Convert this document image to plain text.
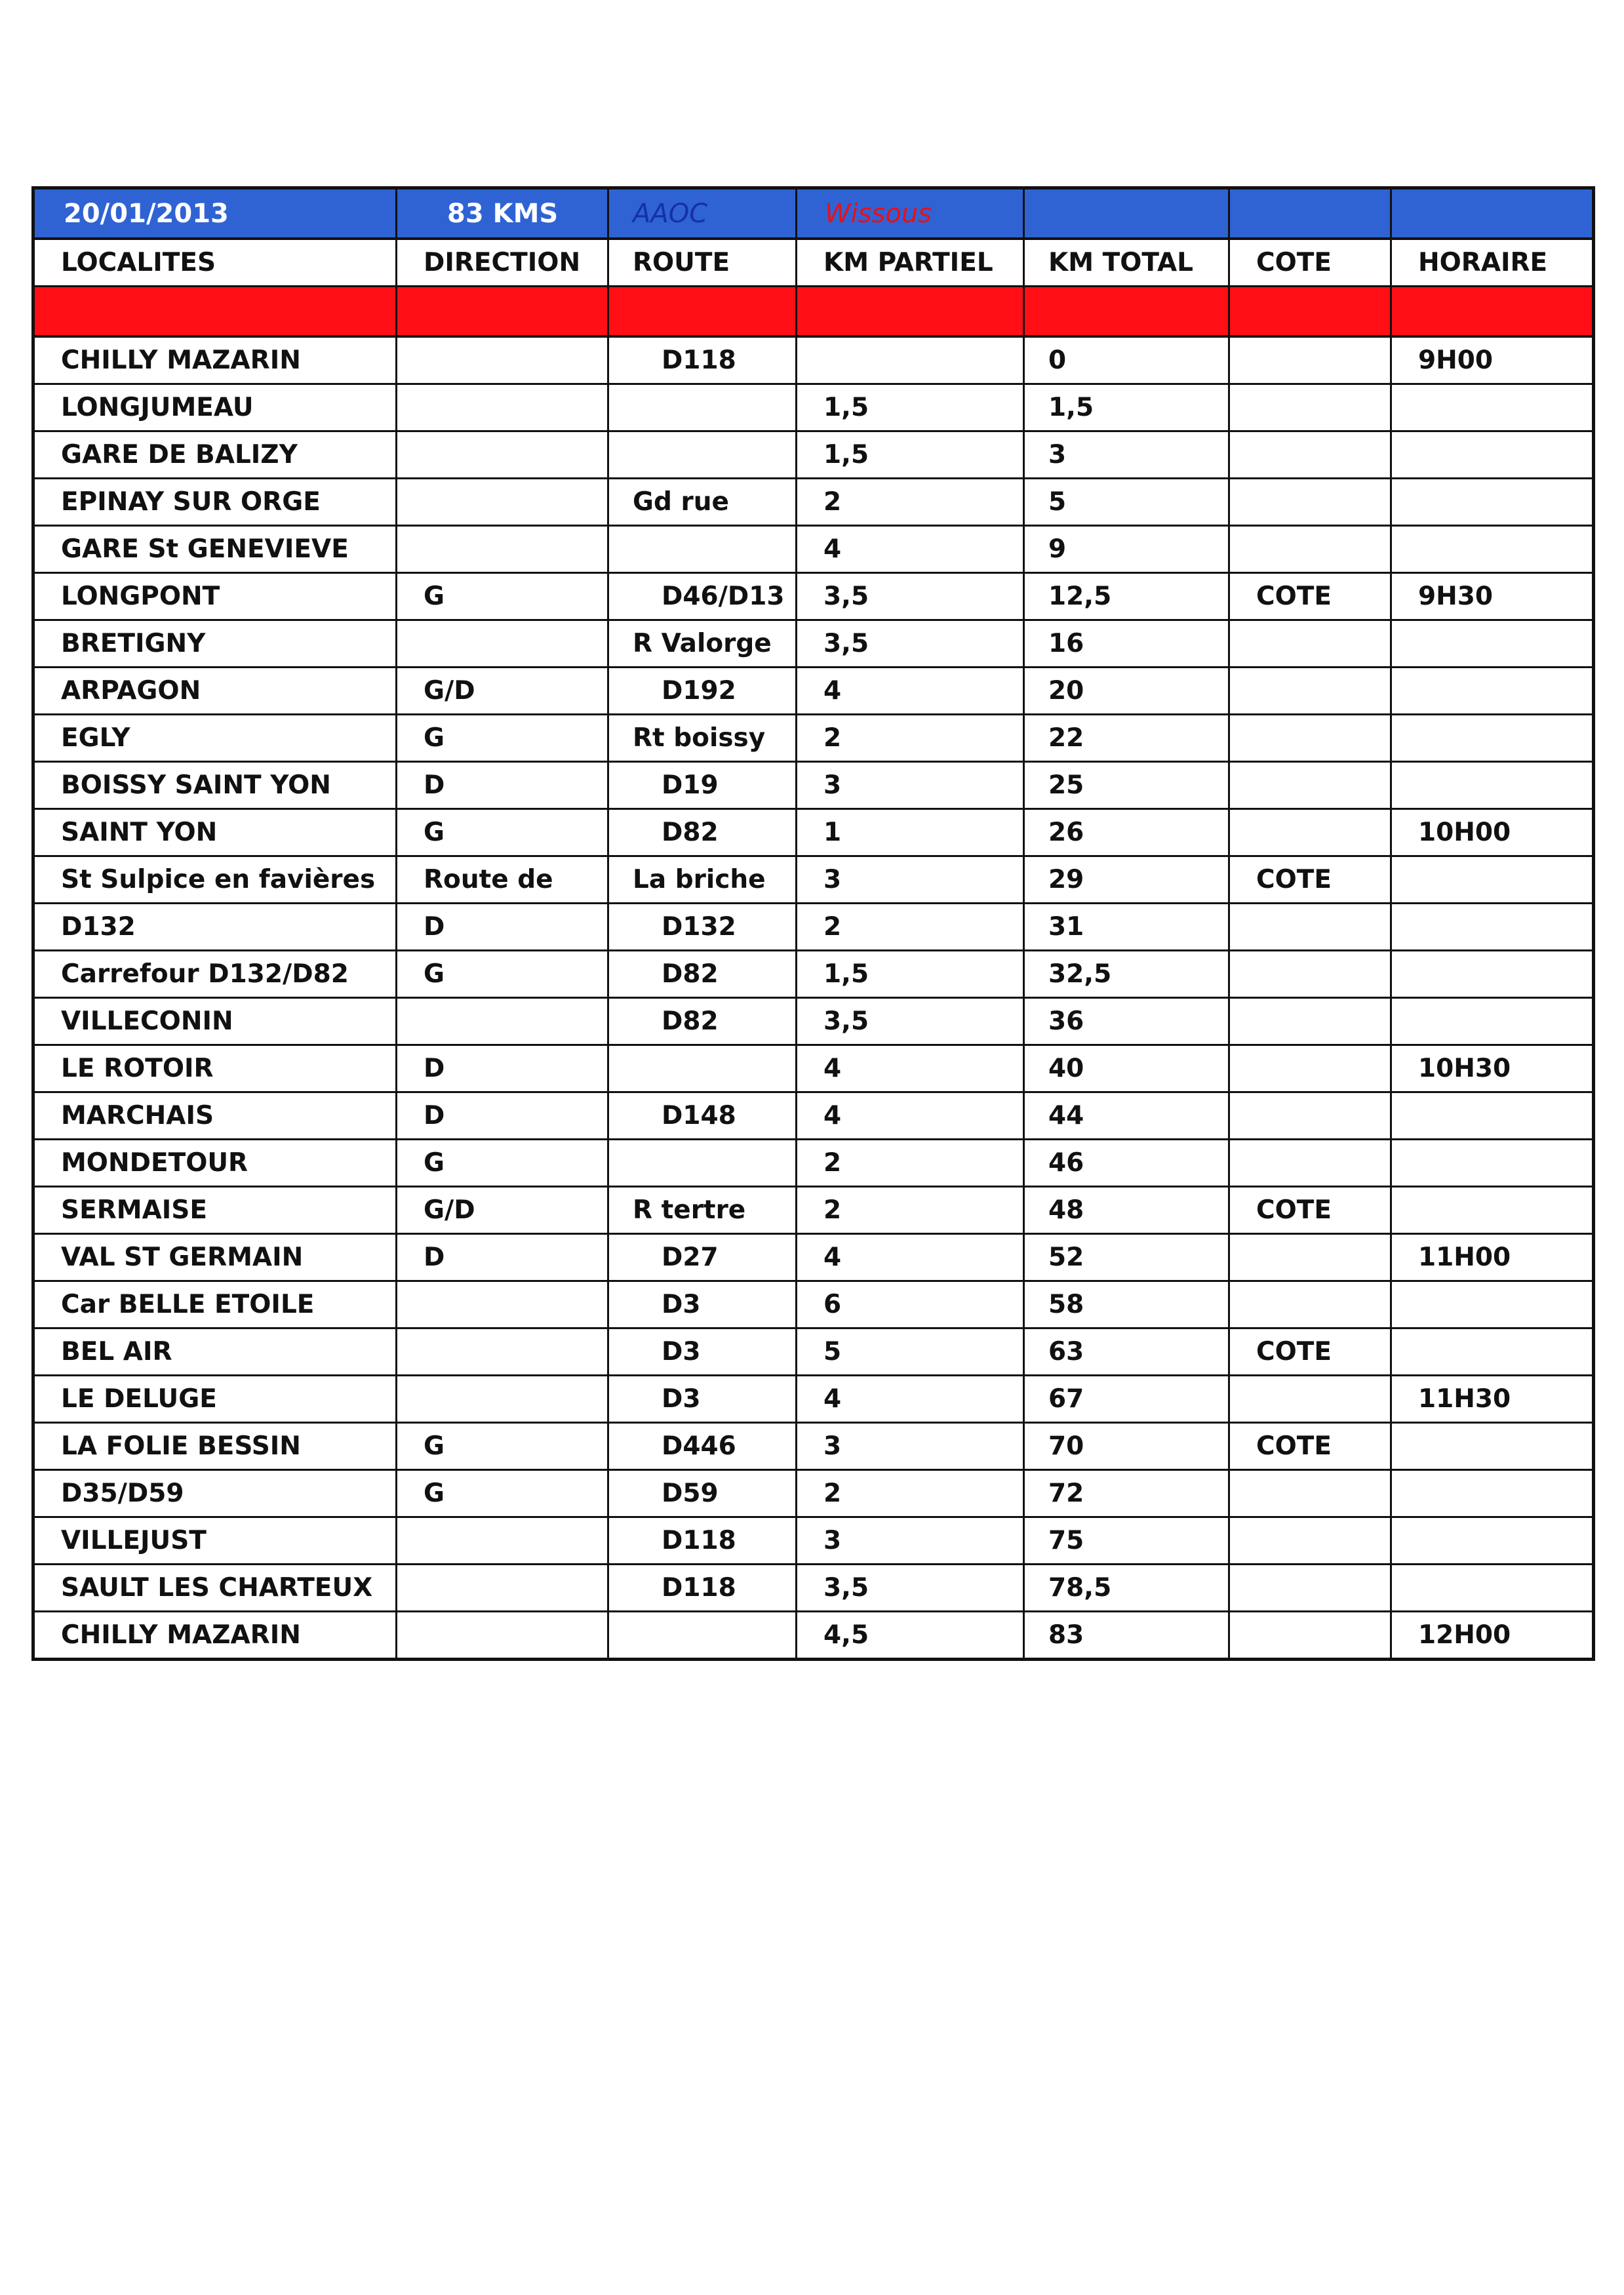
20/01/2013	83 KMS	AAOC	Wissous			
LOCALITES	DIRECTION	ROUTE	KM PARTIEL	KM TOTAL	COTE	HORAIRE

CHILLY MAZARIN		D118		0		9H00
LONGJUMEAU			1,5	1,5		
GARE DE BALIZY			1,5	3		
EPINAY SUR ORGE		Gd rue	2	5		
GARE St GENEVIEVE			4	9		
LONGPONT	G	D46/D13	3,5	12,5	COTE	9H30
BRETIGNY		R Valorge	3,5	16		
ARPAGON	G/D	D192	4	20		
EGLY	G	Rt boissy	2	22		
BOISSY SAINT YON	D	D19	3	25		
SAINT YON	G	D82	1	26		10H00
St Sulpice en favières	Route de	La briche	3	29	COTE	
D132	D	D132	2	31		
Carrefour D132/D82	G	D82	1,5	32,5		
VILLECONIN		D82	3,5	36		
LE ROTOIR	D		4	40		10H30
MARCHAIS	D	D148	4	44		
MONDETOUR	G		2	46		
SERMAISE	G/D	R tertre	2	48	COTE	
VAL ST GERMAIN	D	D27	4	52		11H00
Car BELLE ETOILE		D3	6	58		
BEL AIR		D3	5	63	COTE	
LE DELUGE		D3	4	67		11H30
LA FOLIE BESSIN	G	D446	3	70	COTE	
D35/D59	G	D59	2	72		
VILLEJUST		D118	3	75		
SAULT LES CHARTEUX		D118	3,5	78,5		
CHILLY MAZARIN			4,5	83		12H00
